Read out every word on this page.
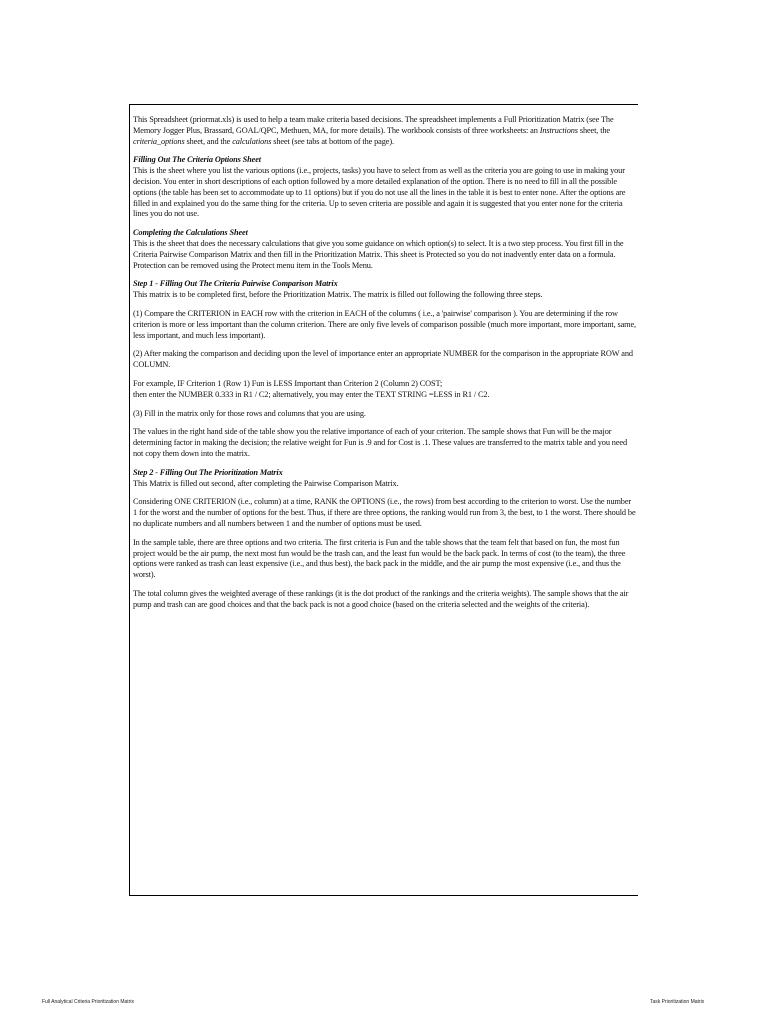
This Spreadsheet (priormat.xls) is used to help a team make criteria based decisions. The spreadsheet implements a Full Prioritization Matrix (see The Memory Jogger Plus, Brassard, GOAL/QPC, Methuen, MA, for more details). The workbook consists of three worksheets: an Instructions sheet, the criteria_options sheet, and the calculations sheet (see tabs at bottom of the page).

Filling Out The Criteria Options Sheet

This is the sheet where you list the various options (i.e., projects, tasks) you have to select from as well as the criteria you are going to use in making your decision. You enter in short descriptions of each option followed by a more detailed explanation of the option. There is no need to fill in all the possible options (the table has been set to accommodate up to 11 options) but if you do not use all the lines in the table it is best to enter none. After the options are filled in and explained you do the same thing for the criteria. Up to seven criteria are possible and again it is suggested that you enter none for the criteria lines you do not use.

Completing the Calculations Sheet

This is the sheet that does the necessary calculations that give you some guidance on which option(s) to select. It is a two step process. You first fill in the Criteria Pairwise Comparison Matrix and then fill in the Prioritization Matrix. This sheet is Protected so you do not inadvently enter data on a formula. Protection can be removed using the Protect menu item in the Tools Menu.

Step 1 - Filling Out The Criteria Pairwise Comparison Matrix

This matrix is to be completed first, before the Prioritization Matrix. The matrix is filled out following the following three steps.

(1) Compare the CRITERION in EACH row with the criterion in EACH of the columns ( i.e., a 'pairwise' comparison ). You are determining if the row criterion is more or less important than the column criterion. There are only five levels of comparison possible (much more important, more important, same, less important, and much less important).

(2) After making the comparison and deciding upon the level of importance enter an appropriate NUMBER for the comparison in the appropriate ROW and COLUMN.

For example, IF Criterion 1 (Row 1) Fun is LESS Important than Criterion 2 (Column 2) COST;
then enter the NUMBER 0.333 in R1 / C2; alternatively, you may enter the TEXT STRING =LESS in R1 / C2.

(3) Fill in the matrix only for those rows and columns that you are using.

The values in the right hand side of the table show you the relative importance of each of your criterion. The sample shows that Fun will be the major determining factor in making the decision; the relative weight for Fun is .9 and for Cost is .1. These values are transferred to the matrix table and you need not copy them down into the matrix.

Step 2 - Filling Out The Prioritization Matrix

This Matrix is filled out second, after completing the Pairwise Comparison Matrix.

Considering ONE CRITERION (i.e., column) at a time, RANK the OPTIONS (i.e., the rows) from best according to the criterion to worst. Use the number 1 for the worst and the number of options for the best. Thus, if there are three options, the ranking would run from 3, the best, to 1 the worst. There should be no duplicate numbers and all numbers between 1 and the number of options must be used.

In the sample table, there are three options and two criteria. The first criteria is Fun and the table shows that the team felt that based on fun, the most fun project would be the air pump, the next most fun would be the trash can, and the least fun would be the back pack. In terms of cost (to the team), the three options were ranked as trash can least expensive (i.e., and thus best), the back pack in the middle, and the air pump the most expensive (i.e., and thus the worst).

The total column gives the weighted average of these rankings (it is the dot product of the rankings and the criteria weights). The sample shows that the air pump and trash can are good choices and that the back pack is not a good choice (based on the criteria selected and the weights of the criteria).

Full Analytical Criteria Prioritization Matrix	Task Prioritization Matrix
